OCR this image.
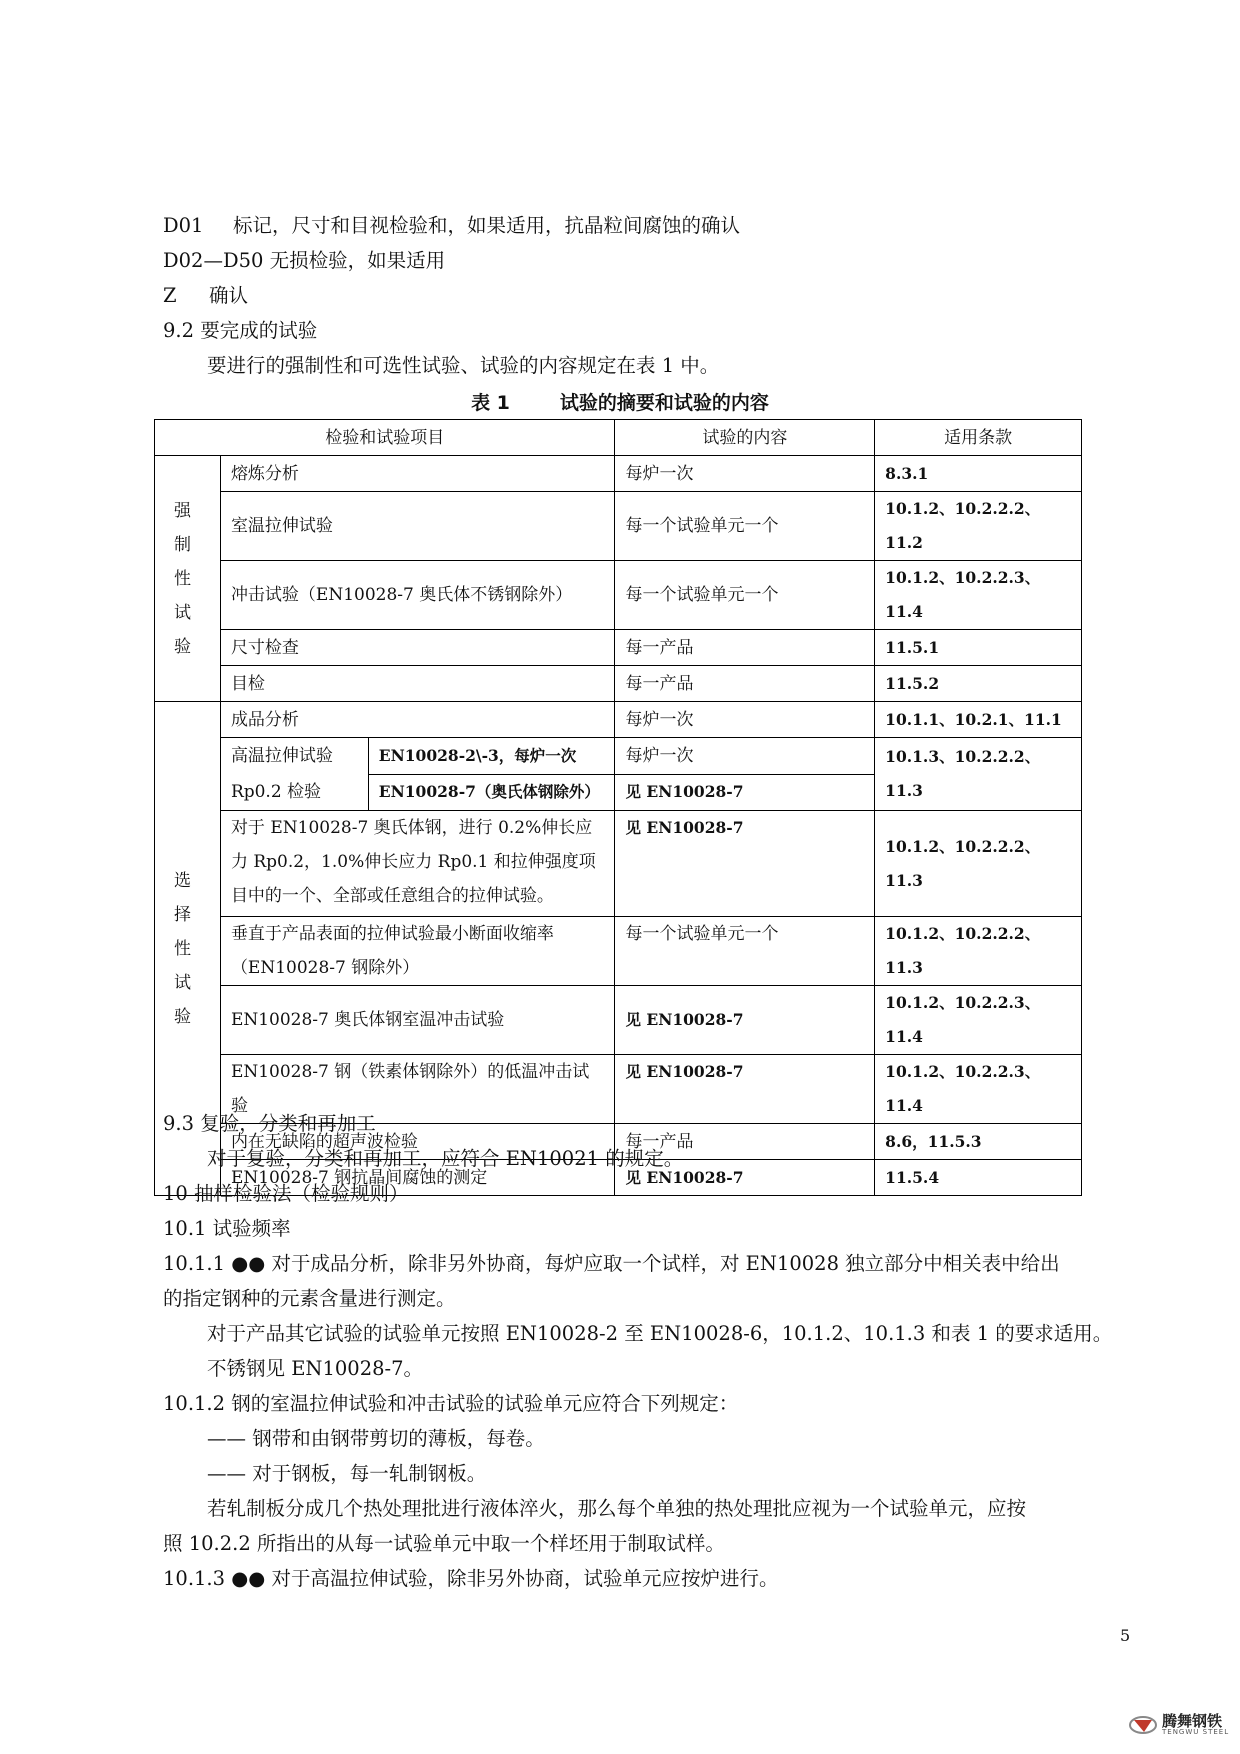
D01 标记，尺寸和目视检验和，如果适用，抗晶粒间腐蚀的确认
D02—D50 无损检验，如果适用
Z 确认
9.2 要完成的试验
要进行的强制性和可选性试验、试验的内容规定在表 1 中。
表 1	试验的摘要和试验的内容
检验和试验项目			试验的内容	适用条款
强制性试验	熔炼分析		每炉一次	8.3.1
	室温拉伸试验		每一个试验单元一个	10.1.2、10.2.2.2、11.2
	冲击试验（EN10028-7 奥氏体不锈钢除外）		每一个试验单元一个	10.1.2、10.2.2.3、11.4
	尺寸检查		每一产品	11.5.1
	目检		每一产品	11.5.2
选择性试验	成品分析		每炉一次	10.1.1、10.2.1、11.1
	高温拉伸试验 Rp0.2 检验	EN10028-2\-3，每炉一次	每炉一次	10.1.3、10.2.2.2、11.3
		EN10028-7（奥氏体钢除外）	见 EN10028-7	
	对于 EN10028-7 奥氏体钢，进行 0.2%伸长应力 Rp0.2，1.0%伸长应力 Rp0.1 和拉伸强度项目中的一个、全部或任意组合的拉伸试验。		见 EN10028-7	10.1.2、10.2.2.2、11.3
	垂直于产品表面的拉伸试验最小断面收缩率（EN10028-7 钢除外）		每一个试验单元一个	10.1.2、10.2.2.2、11.3
	EN10028-7 奥氏体钢室温冲击试验		见 EN10028-7	10.1.2、10.2.2.3、11.4
	EN10028-7 钢（铁素体钢除外）的低温冲击试验		见 EN10028-7	10.1.2、10.2.2.3、11.4
	内在无缺陷的超声波检验		每一产品	8.6，11.5.3
	EN10028-7 钢抗晶间腐蚀的测定		见 EN10028-7	11.5.4
9.3 复验，分类和再加工
对于复验，分类和再加工，应符合 EN10021 的规定。
10 抽样检验法（检验规则）
10.1 试验频率
10.1.1 ●● 对于成品分析，除非另外协商，每炉应取一个试样，对 EN10028 独立部分中相关表中给出
的指定钢种的元素含量进行测定。
对于产品其它试验的试验单元按照 EN10028-2 至 EN10028-6，10.1.2、10.1.3 和表 1 的要求适用。
不锈钢见 EN10028-7。
10.1.2 钢的室温拉伸试验和冲击试验的试验单元应符合下列规定：
—— 钢带和由钢带剪切的薄板，每卷。
—— 对于钢板，每一轧制钢板。
若轧制板分成几个热处理批进行液体淬火，那么每个单独的热处理批应视为一个试验单元，应按
照 10.2.2 所指出的从每一试验单元中取一个样坯用于制取试样。
10.1.3 ●● 对于高温拉伸试验，除非另外协商，试验单元应按炉进行。
5
腾舞钢铁
TENGWU STEEL
